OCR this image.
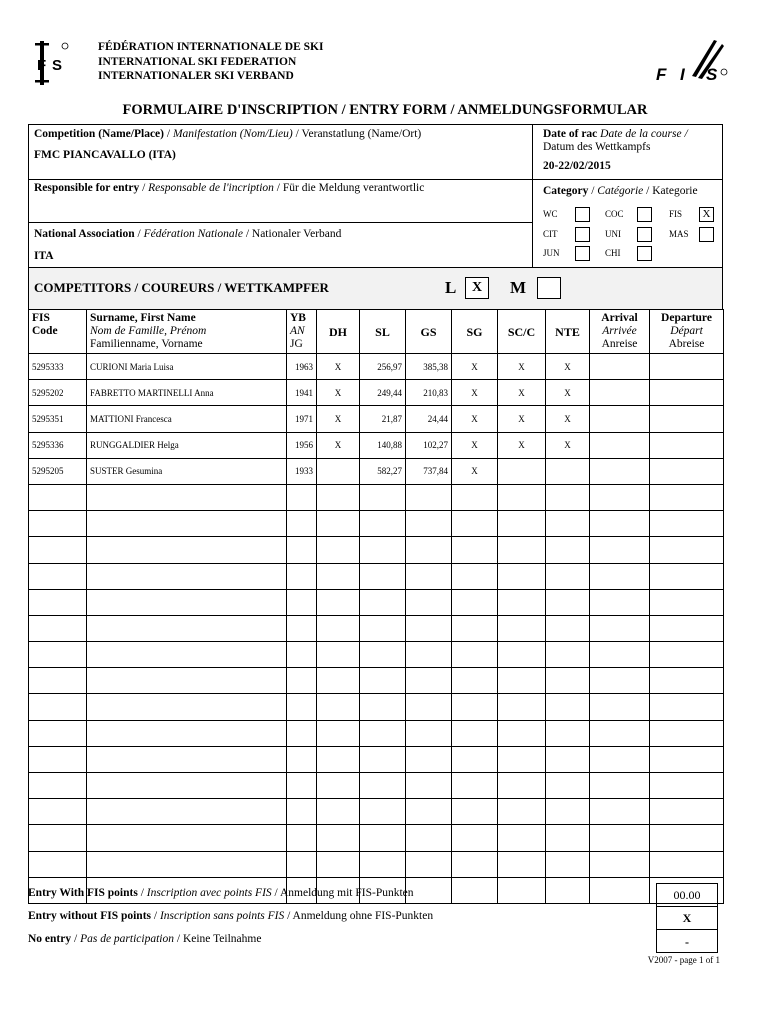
F S
FÉDÉRATION INTERNATIONALE DE SKI
INTERNATIONAL SKI FEDERATION
INTERNATIONALER SKI VERBAND	F I S
FORMULAIRE D'INSCRIPTION / ENTRY FORM / ANMELDUNGSFORMULAR
Competition (Name/Place) / Manifestation (Nom/Lieu) / Veranstatlung (Name/Ort)
FMC PIANCAVALLO (ITA)
Date of rac Date de la course /
Datum des Wettkampfs
20-22/02/2015
Responsible for entry / Responsable de l'incription / Für die Meldung verantwortlic
National Association / Fédération Nationale / Nationaler Verband
ITA
Category / Catégorie / Kategorie
WC	COC	FIS X
CIT	UNI	MAS
JUN	CHI
COMPETITORS / COUREURS / WETTKAMPFER	L	X	M
FIS
Code	Surname, First Name
Nom de Famille, Prénom
Familienname, Vorname	YB
AN
JG	DH	SL	GS	SG	SC/C	NTE	Arrival
Arrivée
Anreise	Departure
Départ
Abreise
5295333	CURIONI Maria Luisa	1963	X	256,97	385,38	X	X	X		
5295202	FABRETTO MARTINELLI Anna	1941	X	249,44	210,83	X	X	X		
5295351	MATTIONI Francesca	1971	X	21,87	24,44	X	X	X		
5295336	RUNGGALDIER Helga	1956	X	140,88	102,27	X	X	X		
5295205	SUSTER Gesumina	1933		582,27	737,84	X				

Entry With FIS points / Inscription avec points FIS / Anmeldung mit FIS-Punkten	00.00
Entry without FIS points / Inscription sans points FIS / Anmeldung ohne FIS-Punkten	X
No entry / Pas de participation / Keine Teilnahme	-
V2007 - page 1 of 1
